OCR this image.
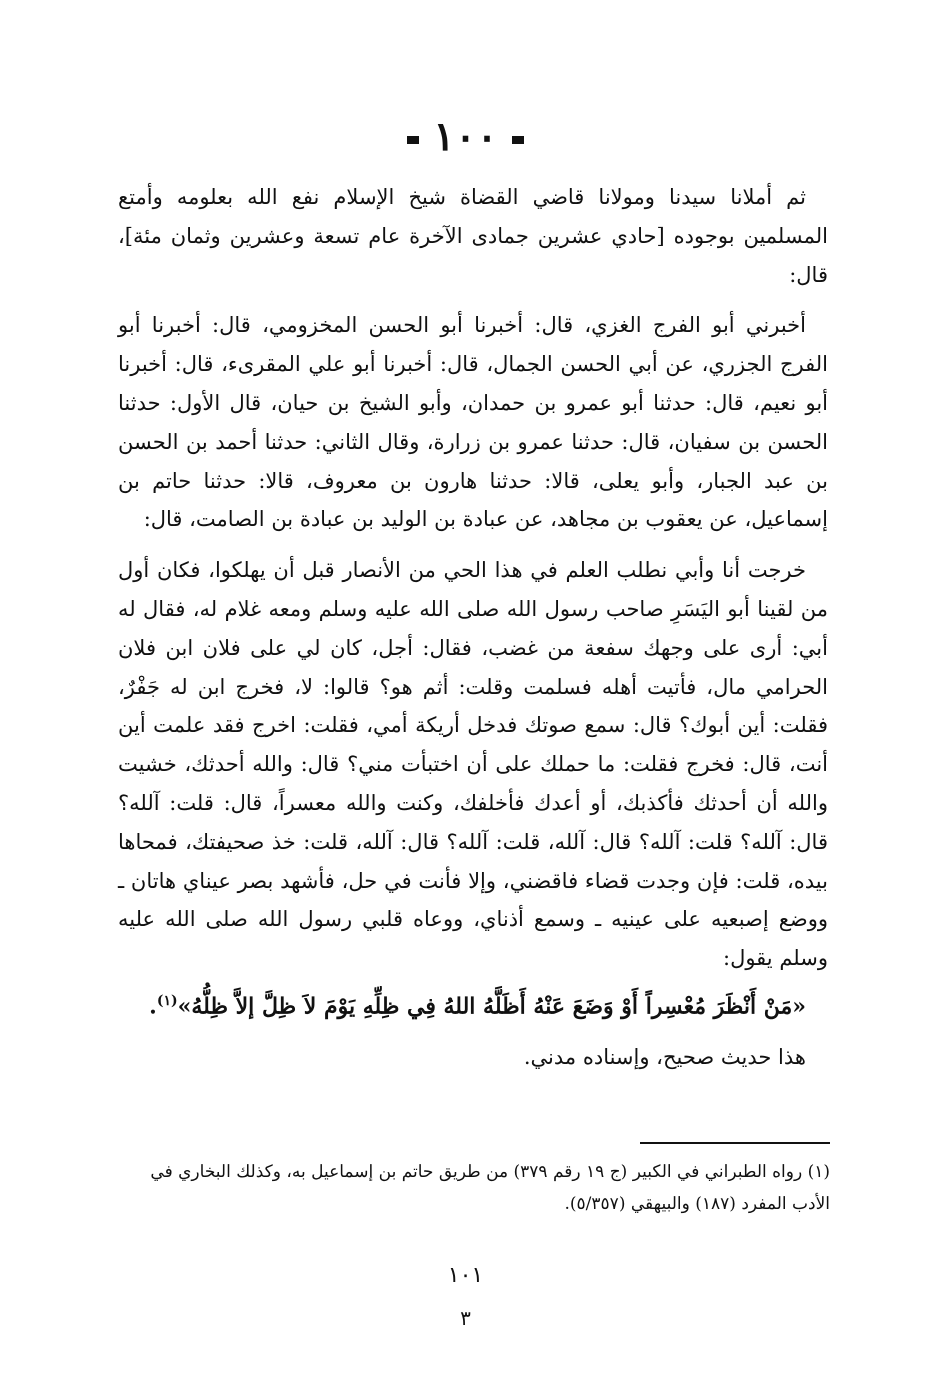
١٠٠

ثم أملانا سيدنا ومولانا قاضي القضاة شيخ الإسلام نفع الله بعلومه وأمتع المسلمين بوجوده [حادي عشرين جمادى الآخرة عام تسعة وعشرين وثمان مئة]، قال:

أخبرني أبو الفرج الغزي، قال: أخبرنا أبو الحسن المخزومي، قال: أخبرنا أبو الفرج الجزري، عن أبي الحسن الجمال، قال: أخبرنا أبو علي المقرىء، قال: أخبرنا أبو نعيم، قال: حدثنا أبو عمرو بن حمدان، وأبو الشيخ بن حيان، قال الأول: حدثنا الحسن بن سفيان، قال: حدثنا عمرو بن زرارة، وقال الثاني: حدثنا أحمد بن الحسن بن عبد الجبار، وأبو يعلى، قالا: حدثنا هارون بن معروف، قالا: حدثنا حاتم بن إسماعيل، عن يعقوب بن مجاهد، عن عبادة بن الوليد بن عبادة بن الصامت، قال:

خرجت أنا وأبي نطلب العلم في هذا الحي من الأنصار قبل أن يهلكوا، فكان أول من لقينا أبو اليَسَرِ صاحب رسول الله صلى الله عليه وسلم ومعه غلام له، فقال له أبي: أرى على وجهك سفعة من غضب، فقال: أجل، كان لي على فلان ابن فلان الحرامي مال، فأتيت أهله فسلمت وقلت: أثم هو؟ قالوا: لا، فخرج ابن له جَفْرٌ، فقلت: أين أبوك؟ قال: سمع صوتك فدخل أريكة أمي، فقلت: اخرج فقد علمت أين أنت، قال: فخرج فقلت: ما حملك على أن اختبأت مني؟ قال: والله أحدثك، خشيت والله أن أحدثك فأكذبك، أو أعدك فأخلفك، وكنت والله معسراً، قال: قلت: آلله؟ قال: آلله؟ قلت: آلله؟ قال: آلله، قلت: آلله؟ قال: آلله، قلت: خذ صحيفتك، فمحاها بيده، قلت: فإن وجدت قضاء فاقضني، وإلا فأنت في حل، فأشهد بصر عيناي هاتان ـ ووضع إصبعيه على عينيه ـ وسمع أذناي، ووعاه قلبي رسول الله صلى الله عليه وسلم يقول:

«مَنْ أَنْظَرَ مُعْسِراً أَوْ وَضَعَ عَنْهُ أَظَلَّهُ اللهُ فِي ظِلِّهِ يَوْمَ لاَ ظِلَّ إلاَّ ظِلُّهُ»$^{(١)}$.

هذا حديث صحيح، وإسناده مدني.

(١) رواه الطبراني في الكبير (ج ١٩ رقم ٣٧٩) من طريق حاتم بن إسماعيل به، وكذلك البخاري في الأدب المفرد (١٨٧) والبيهقي (٥/٣٥٧).

١٠١
٣
